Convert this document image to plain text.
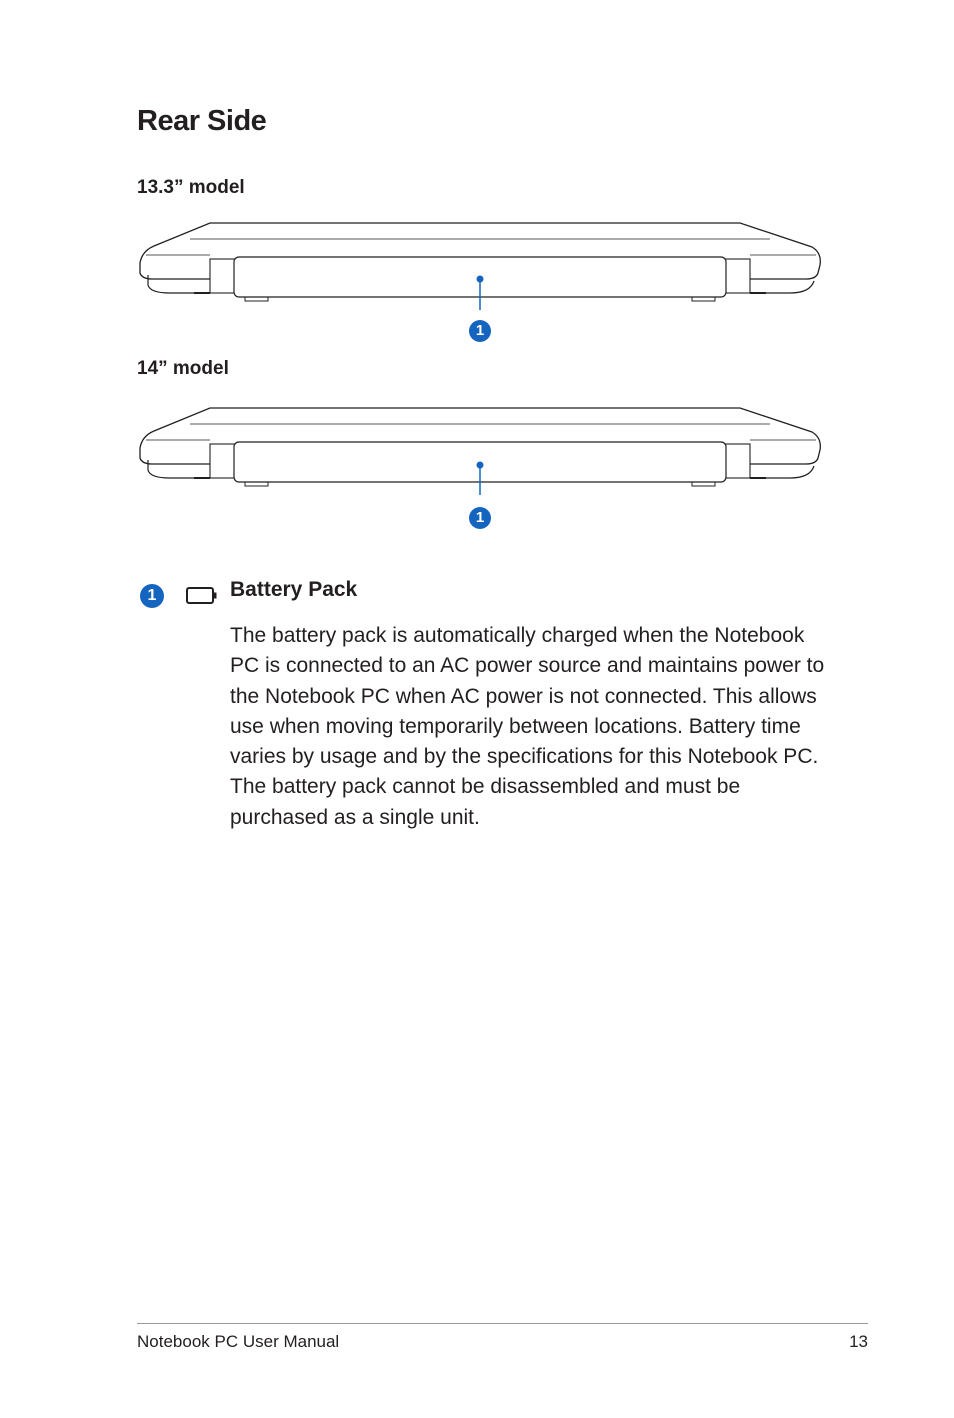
Rear Side

13.3” model

1

14” model

1
1	Battery Pack

The battery pack is automatically charged when the Notebook PC is connected to an AC power source and maintains power to the Notebook PC when AC power is not connected. This allows use when moving temporarily between locations. Battery time varies by usage and by the specifications for this Notebook PC. The battery pack cannot be disassembled and must be purchased as a single unit.

Notebook PC User Manual	13
